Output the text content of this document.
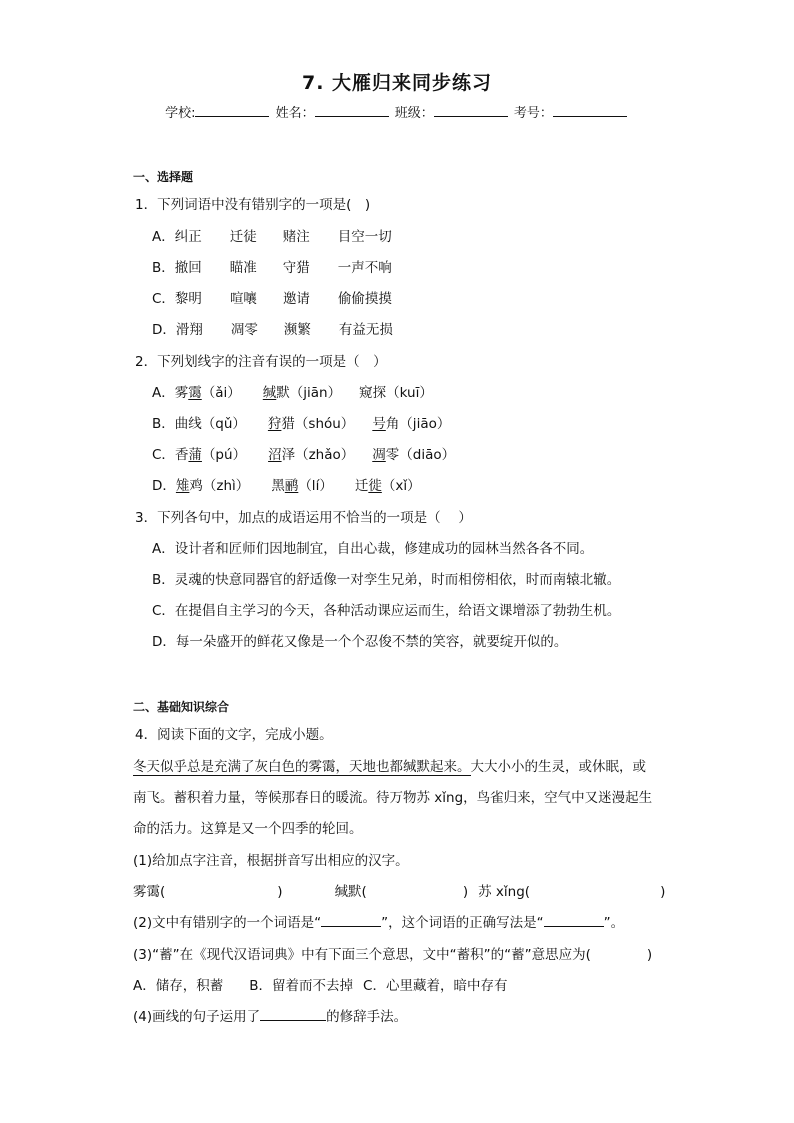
7. 大雁归来同步练习
学校:	姓名：	班级：	考号：
一、选择题
1．下列词语中没有错别字的一项是(　)
A．纠正 迁徒 赌注 目空一切
B．撤回 瞄准 守猎 一声不响
C．黎明 喧嚷 邀请 偷偷摸摸
D．滑翔 凋零 濒繁 有益无损
2．下列划线字的注音有误的一项是（　）
A．雾霭（ǎi） 缄默（jiān） 窥探（kuī）
B．曲线（qǔ） 狩猎（shóu） 号角（jiāo）
C．香蒲（pú） 沼泽（zhǎo） 凋零（diāo）
D．雉鸡（zhì） 黑鹂（lí） 迁徙（xǐ）
3．下列各句中，加点的成语运用不恰当的一项是（　 ）
A．设计者和匠师们因地制宜，自出心裁，修建成功的园林当然各各不同。
B．灵魂的快意同器官的舒适像一对孪生兄弟，时而相傍相依，时而南辕北辙。
C．在提倡自主学习的今天，各种活动课应运而生，给语文课增添了勃勃生机。
D．每一朵盛开的鲜花又像是一个个忍俊不禁的笑容，就要绽开似的。
二、基础知识综合
4．阅读下面的文字，完成小题。
冬天似乎总是充满了灰白色的雾霭，天地也都缄默起来。大大小小的生灵，或休眠，或
南飞。蓄积着力量，等候那春日的暖流。待万物苏 xǐng，鸟雀归来，空气中又迷漫起生
命的活力。这算是又一个四季的轮回。
(1)给加点字注音，根据拼音写出相应的汉字。
雾霭(	)	缄默(	) 苏 xǐng(	)
(2)文中有错别字的一个词语是“	”，这个词语的正确写法是“	”。
(3)“蓄”在《现代汉语词典》中有下面三个意思，文中“蓄积”的“蓄”意思应为(	)
A．储存，积蓄 B．留着而不去掉 C．心里藏着，暗中存有
(4)画线的句子运用了	的修辞手法。
